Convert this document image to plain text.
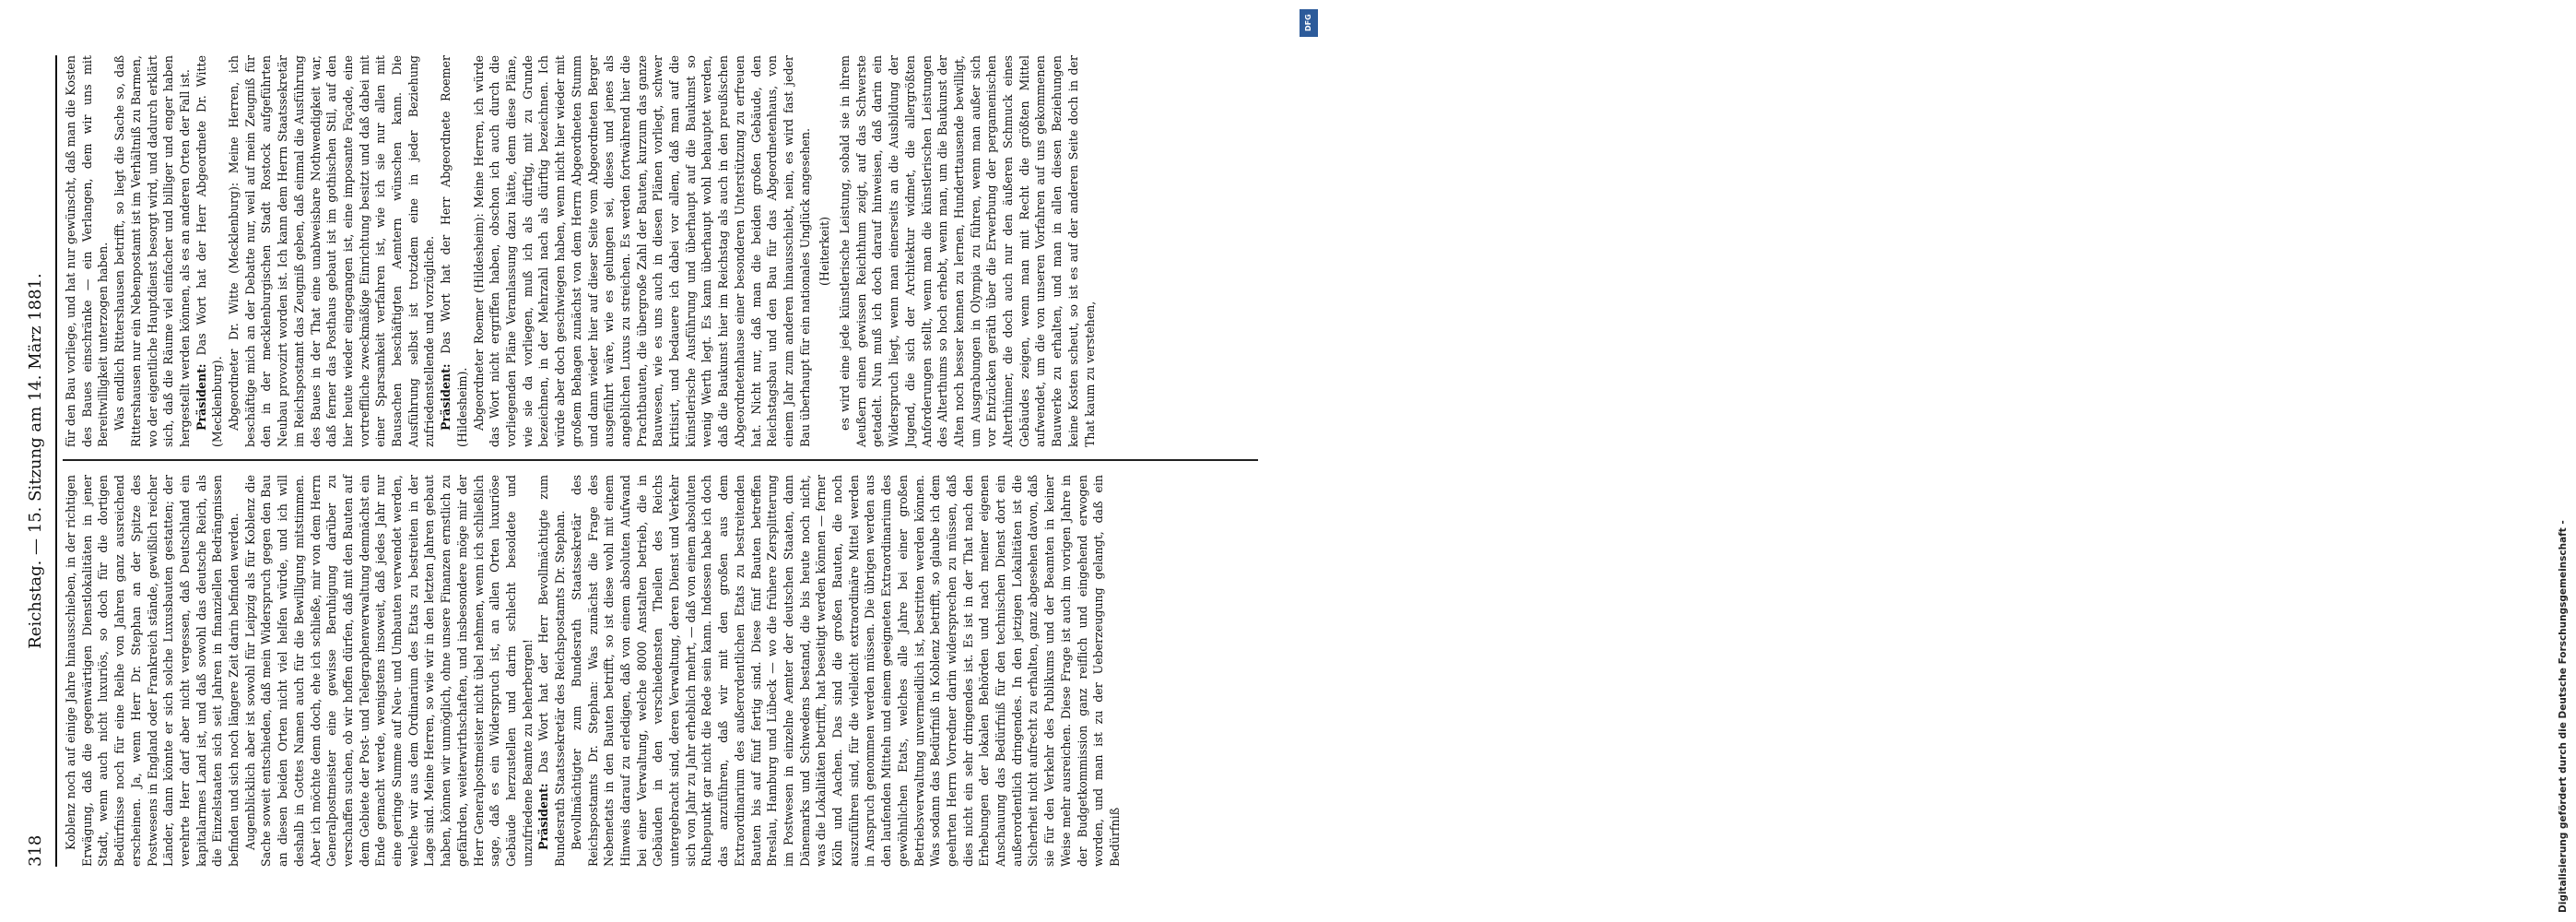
318
Reichstag. — 15. Sitzung am 14. März 1881.

Koblenz noch auf einige Jahre hinausschieben, in der richtigen Erwägung, daß die gegenwärtigen Dienstlokalitäten in jener Stadt, wenn auch nicht luxuriös, so doch für die dortigen Bedürfnisse noch für eine Reihe von Jahren ganz ausreichend erscheinen. Ja, wenn Herr Dr. Stephan an der Spitze des Postwesens in England oder Frankreich stände, gewißlich reicher Länder, dann könnte er sich solche Luxusbauten gestatten; der verehrte Herr darf aber nicht vergessen, daß Deutschland ein kapitalarmes Land ist, und daß sowohl das deutsche Reich, als die Einzelstaaten sich seit Jahren in finanziellen Bedrängnissen befinden und sich noch längere Zeit darin befinden werden. Augenblicklich aber ist sowohl für Leipzig als für Koblenz die Sache soweit entschieden, daß mein Widerspruch gegen den Bau an diesen beiden Orten nicht viel helfen würde, und ich will deshalb in Gottes Namen auch für die Bewilligung mitstimmen. Aber ich möchte denn doch, ehe ich schließe, mir von dem Herrn Generalpostmeister eine gewisse Beruhigung darüber zu verschaffen suchen, ob wir hoffen dürfen, daß mit den Bauten auf dem Gebiete der Post- und Telegraphenverwaltung demnächst ein Ende gemacht werde, wenigstens insoweit, daß jedes Jahr nur eine geringe Summe auf Neu- und Umbauten verwendet werden, welche wir aus dem Ordinarium des Etats zu bestreiten in der Lage sind. Meine Herren, so wie wir in den letzten Jahren gebaut haben, können wir unmöglich, ohne unsere Finanzen ernstlich zu gefährden, weiterwirthschaften, und insbesondere möge mir der Herr Generalpostmeister nicht übel nehmen, wenn ich schließlich sage, daß es ein Widerspruch ist, an allen Orten luxuriöse Gebäude herzustellen und darin schlecht besoldete und unzufriedene Beamte zu beherbergen! Präsident: Das Wort hat der Herr Bevollmächtigte zum Bundesrath Staatssekretär des Reichspostamts Dr. Stephan. Bevollmächtigter zum Bundesrath Staatssekretär des Reichspostamts Dr. Stephan: Was zunächst die Frage des Nebenetats in den Bauten betrifft, so ist diese wohl mit einem Hinweis darauf zu erledigen, daß von einem absoluten Aufwand bei einer Verwaltung, welche 8000 Anstalten betrieb, die in Gebäuden in den verschiedensten Theilen des Reichs untergebracht sind, deren Verwaltung, deren Dienst und Verkehr sich von Jahr zu Jahr erheblich mehrt, — daß von einem absoluten Ruhepunkt gar nicht die Rede sein kann. Indessen habe ich doch das anzuführen, daß wir mit den großen aus dem Extraordinarium des außerordentlichen Etats zu bestreitenden Bauten bis auf fünf fertig sind. Diese fünf Bauten betreffen Breslau, Hamburg und Lübeck — wo die frühere Zersplitterung im Postwesen in einzelne Aemter der deutschen Staaten, dann Dänemarks und Schwedens bestand, die bis heute noch nicht, was die Lokalitäten betrifft, hat beseitigt werden können — ferner Köln und Aachen. Das sind die großen Bauten, die noch auszuführen sind, für die vielleicht extraordinäre Mittel werden in Anspruch genommen werden müssen. Die übrigen werden aus den laufenden Mitteln und einem geeigneten Extraordinarium des gewöhnlichen Etats, welches alle Jahre bei einer großen Betriebsverwaltung unvermeidlich ist, bestritten werden können. Was sodann das Bedürfniß in Koblenz betrifft, so glaube ich dem geehrten Herrn Vorredner darin widersprechen zu müssen, daß dies nicht ein sehr dringendes ist. Es ist in der That nach den Erhebungen der lokalen Behörden und nach meiner eigenen Anschauung das Bedürfniß für den technischen Dienst dort ein außerordentlich dringendes. In den jetzigen Lokalitäten ist die Sicherheit nicht aufrecht zu erhalten, ganz abgesehen davon, daß sie für den Verkehr des Publikums und der Beamten in keiner Weise mehr ausreichen. Diese Frage ist auch im vorigen Jahre in der Budgetkommission ganz reiflich und eingehend erwogen worden, und man ist zu der Ueberzeugung gelangt, daß ein Bedürfniß

für den Bau vorliege, und hat nur gewünscht, daß man die Kosten des Baues einschränke — ein Verlangen, dem wir uns mit Bereitwilligkeit unterzogen haben. Was endlich Rittershausen betrifft, so liegt die Sache so, daß Rittershausen nur ein Nebenpostamt ist im Verhältniß zu Barmen, wo der eigentliche Hauptdienst besorgt wird, und dadurch erklärt sich, daß die Räume viel einfacher und billiger und enger haben hergestellt werden können, als es an anderen Orten der Fall ist. Präsident: Das Wort hat der Herr Abgeordnete Dr. Witte (Mecklenburg). Abgeordneter Dr. Witte (Mecklenburg): Meine Herren, ich beschäftige mich an der Debatte nur, weil auf mein Zeugniß für den in der mecklenburgischen Stadt Rostock aufgeführten Neubau provozirt worden ist. Ich kann dem Herrn Staatssekretär im Reichspostamt das Zeugniß geben, daß einmal die Ausführung des Baues in der That eine unabweisbare Nothwendigkeit war, daß ferner das Posthaus gebaut ist im gothischen Stil, auf den hier heute wieder eingegangen ist, eine imposante Façade, eine vortreffliche zweckmäßige Einrichtung besitzt und daß dabei mit einer Sparsamkeit verfahren ist, wie ich sie nur allen mit Bausachen beschäftigten Aemtern wünschen kann. Die Ausführung selbst ist trotzdem eine in jeder Beziehung zufriedenstellende und vorzügliche. Präsident: Das Wort hat der Herr Abgeordnete Roemer (Hildesheim). Abgeordneter Roemer (Hildesheim): Meine Herren, ich würde das Wort nicht ergriffen haben, obschon ich auch durch die vorliegenden Pläne Veranlassung dazu hätte, denn diese Pläne, wie sie da vorliegen, muß ich als dürftig, mit zu Grunde bezeichnen, in der Mehrzahl nach als dürftig bezeichnen. Ich würde aber doch geschwiegen haben, wenn nicht hier wieder mit großem Behagen zunächst von dem Herrn Abgeordneten Stumm und dann wieder hier auf dieser Seite vom Abgeordneten Berger ausgeführt wäre, wie es gelungen sei, dieses und jenes als angeblichen Luxus zu streichen. Es werden fortwährend hier die Prachtbauten, die übergroße Zahl der Bauten, kurzum das ganze Bauwesen, wie es uns auch in diesen Plänen vorliegt, schwer kritisirt, und bedauere ich dabei vor allem, daß man auf die künstlerische Ausführung und überhaupt auf die Baukunst so wenig Werth legt. Es kann überhaupt wohl behauptet werden, daß die Baukunst hier im Reichstag als auch in den preußischen Abgeordnetenhause einer besonderen Unterstützung zu erfreuen hat. Nicht nur, daß man die beiden großen Gebäude, den Reichstagsbau und den Bau für das Abgeordnetenhaus, von einem Jahr zum anderen hinausschiebt, nein, es wird fast jeder Bau überhaupt für ein nationales Unglück angesehen. (Heiterkeit) es wird eine jede künstlerische Leistung, sobald sie in ihrem Aeußern einen gewissen Reichthum zeigt, auf das Schwerste getadelt. Nun muß ich doch darauf hinweisen, daß darin ein Widerspruch liegt, wenn man einerseits an die Ausbildung der Jugend, die sich der Architektur widmet, die allergrößten Anforderungen stellt, wenn man die künstlerischen Leistungen des Alterthums so hoch erhebt, wenn man, um die Baukunst der Alten noch besser kennen zu lernen, Hunderttausende bewilligt, um Ausgrabungen in Olympia zu führen, wenn man außer sich vor Entzücken geräth über die Erwerbung der pergamenischen Alterthümer, die doch auch nur den äußeren Schmuck eines Gebäudes zeigen, wenn man mit Recht die größten Mittel aufwendet, um die von unseren Vorfahren auf uns gekommenen Bauwerke zu erhalten, und man in allen diesen Beziehungen keine Kosten scheut, so ist es auf der anderen Seite doch in der That kaum zu verstehen,

Digitalisierung gefördert durch die Deutsche Forschungsgemeinschaft -
DFG
